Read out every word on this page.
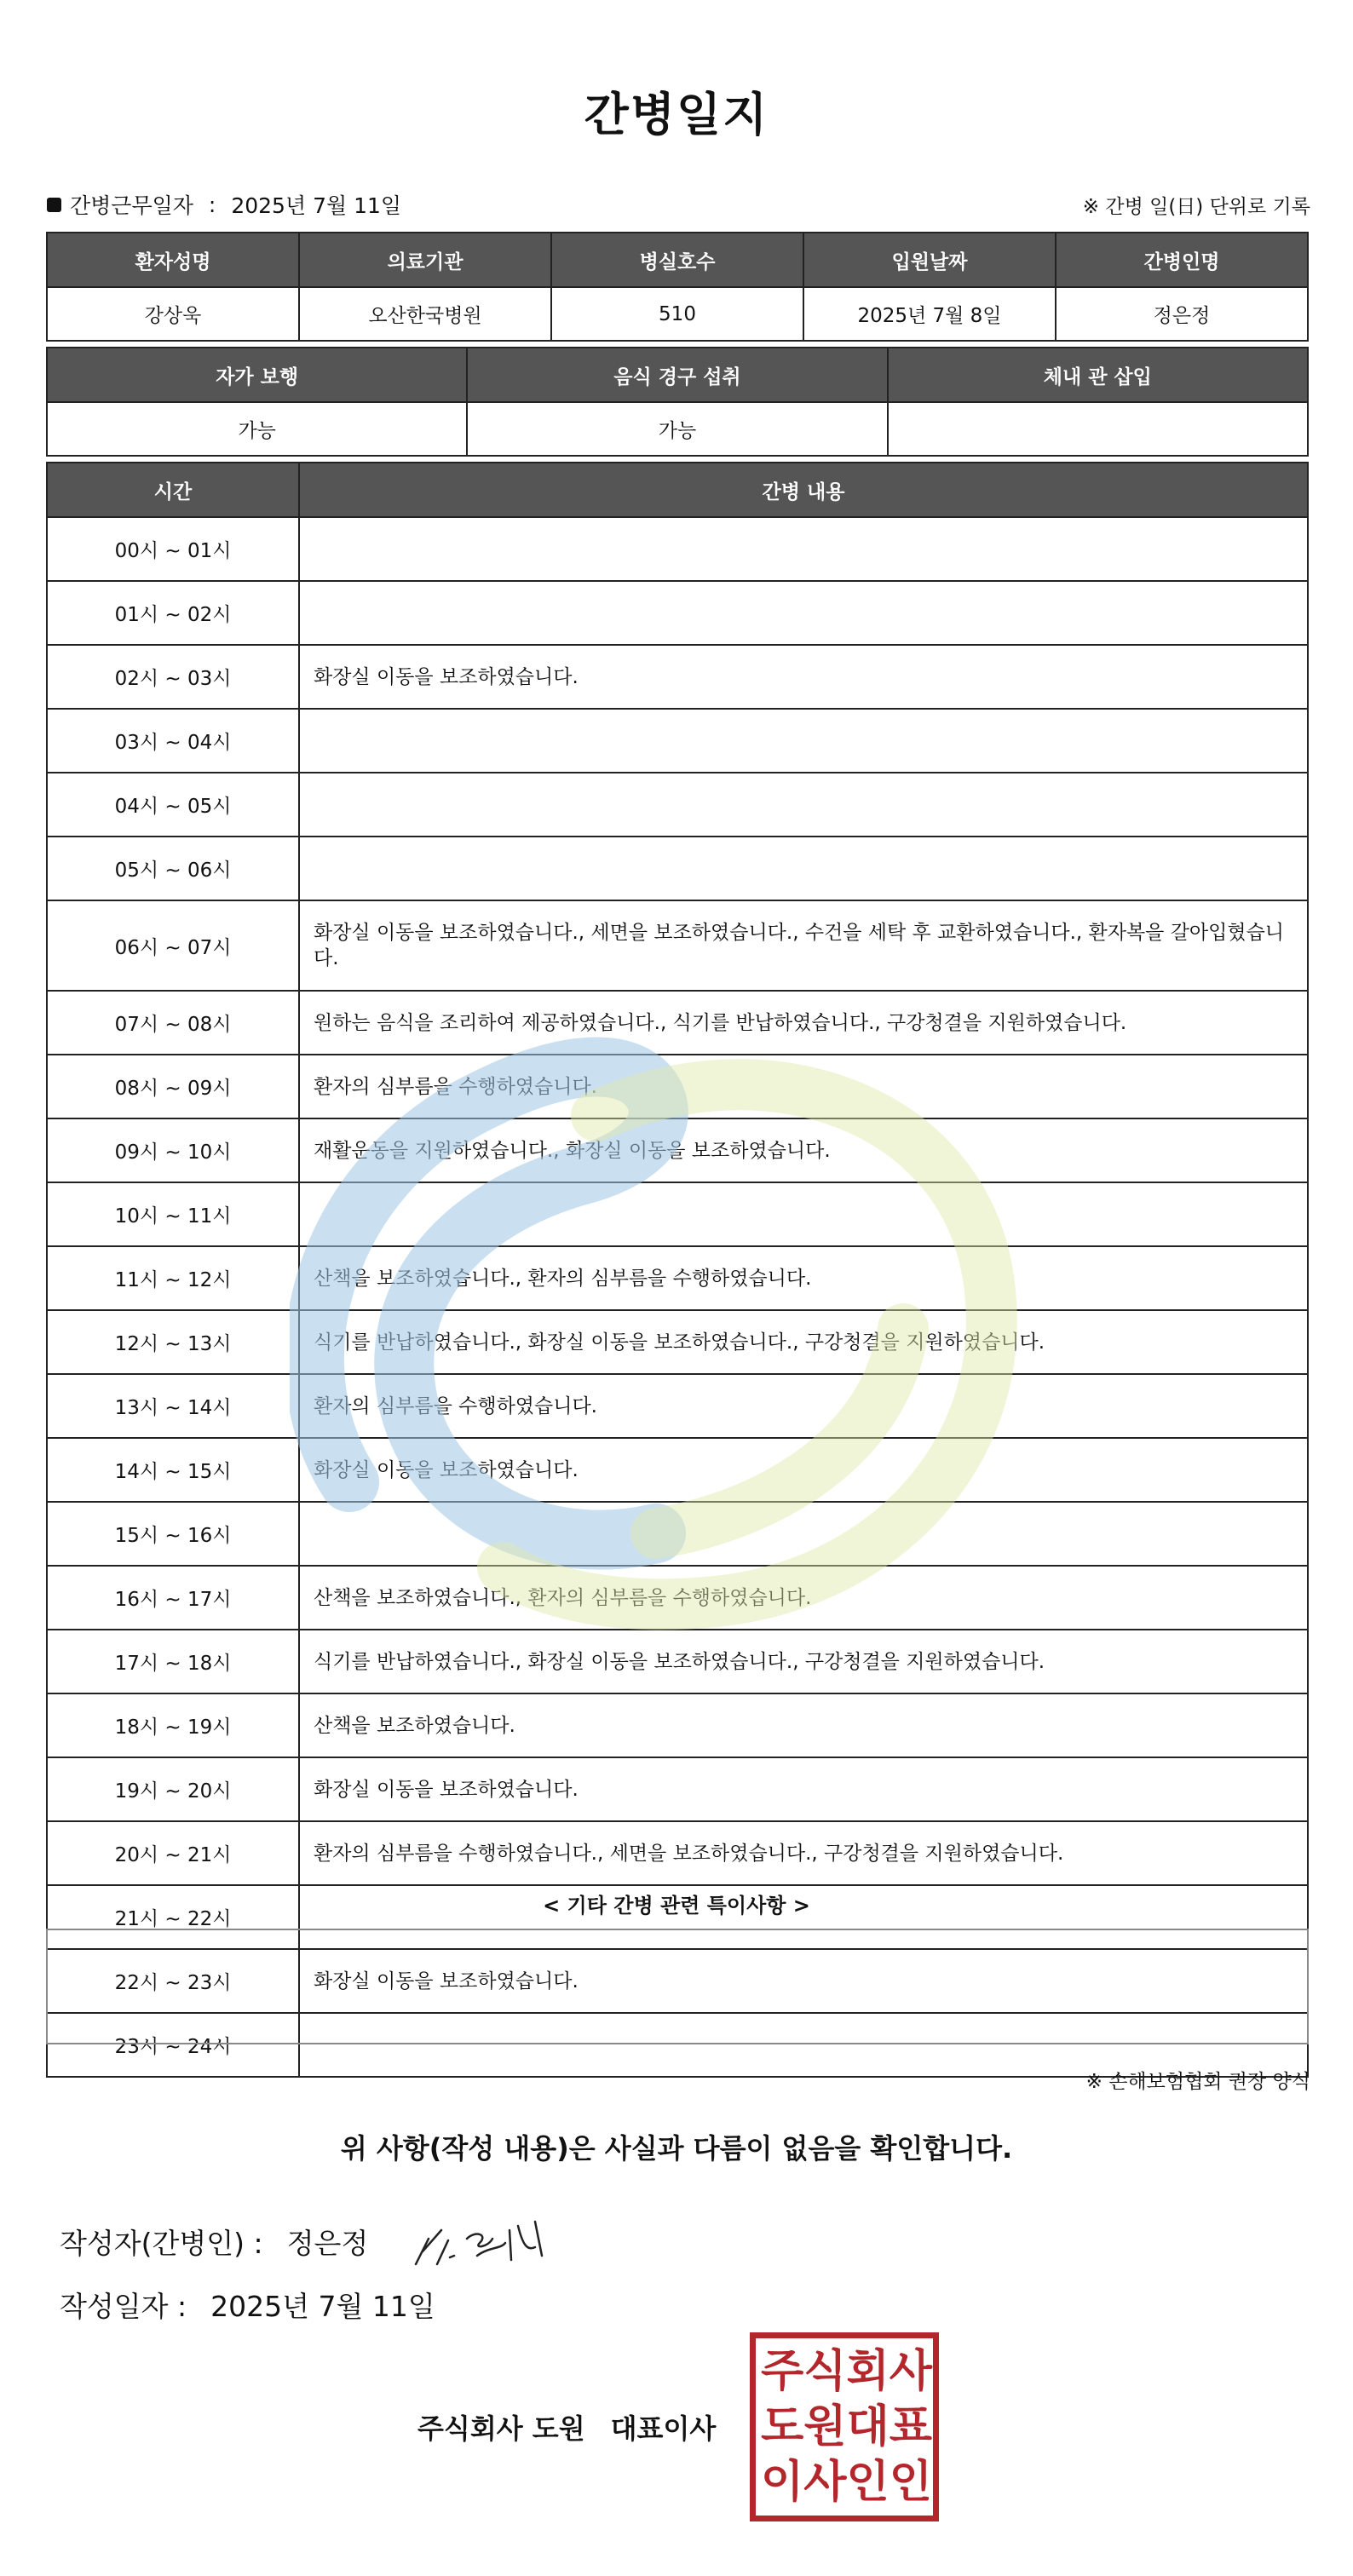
간병일지
간병근무일자 : 2025년 7월 11일	※ 간병 일(日) 단위로 기록
환자성명	의료기관	병실호수	입원날짜	간병인명
강상욱	오산한국병원	510	2025년 7월 8일	정은정
자가 보행	음식 경구 섭취	체내 관 삽입
가능	가능	
시간	간병 내용
00시 ~ 01시	
01시 ~ 02시	
02시 ~ 03시	화장실 이동을 보조하였습니다.
03시 ~ 04시	
04시 ~ 05시	
05시 ~ 06시	
06시 ~ 07시	화장실 이동을 보조하였습니다., 세면을 보조하였습니다., 수건을 세탁 후 교환하였습니다., 환자복을 갈아입혔습니다.
07시 ~ 08시	원하는 음식을 조리하여 제공하였습니다., 식기를 반납하였습니다., 구강청결을 지원하였습니다.
08시 ~ 09시	환자의 심부름을 수행하였습니다.
09시 ~ 10시	재활운동을 지원하였습니다., 화장실 이동을 보조하였습니다.
10시 ~ 11시	
11시 ~ 12시	산책을 보조하였습니다., 환자의 심부름을 수행하였습니다.
12시 ~ 13시	식기를 반납하였습니다., 화장실 이동을 보조하였습니다., 구강청결을 지원하였습니다.
13시 ~ 14시	환자의 심부름을 수행하였습니다.
14시 ~ 15시	화장실 이동을 보조하였습니다.
15시 ~ 16시	
16시 ~ 17시	산책을 보조하였습니다., 환자의 심부름을 수행하였습니다.
17시 ~ 18시	식기를 반납하였습니다., 화장실 이동을 보조하였습니다., 구강청결을 지원하였습니다.
18시 ~ 19시	산책을 보조하였습니다.
19시 ~ 20시	화장실 이동을 보조하였습니다.
20시 ~ 21시	환자의 심부름을 수행하였습니다., 세면을 보조하였습니다., 구강청결을 지원하였습니다.
21시 ~ 22시	
22시 ~ 23시	화장실 이동을 보조하였습니다.
23시 ~ 24시	
< 기타 간병 관련 특이사항 >
※ 손해보험협회 권장 양식
위 사항(작성 내용)은 사실과 다름이 없음을 확인합니다.
작성자(간병인) : 정은정
작성일자 : 2025년 7월 11일
주식회사 도원 대표이사
주 식 회 사
도 원 대 표
이 사 인 인
